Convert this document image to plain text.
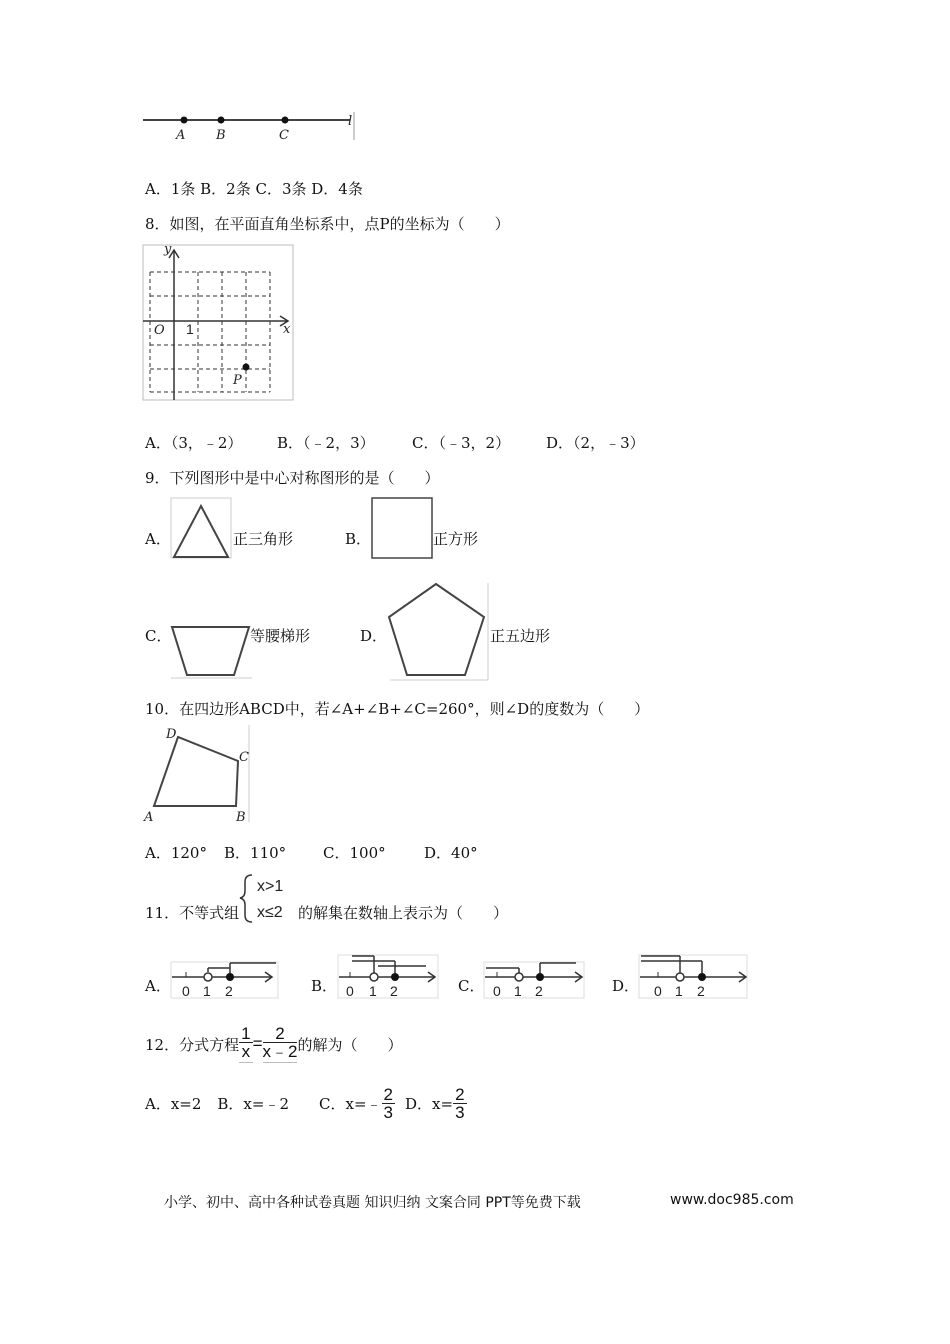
A B	C
l
A．1条 B．2条 C．3条 D．4条
8．如图，在平面直角坐标系中，点P的坐标为（　　）
y
x
O 1
P
A．（3，﹣2） B．（﹣2，3） C．（﹣3，2） D．（2，﹣3）
9．下列图形中是中心对称图形的是（　　）
A．	正三角形	B．	正方形
C．	等腰梯形	D．	正五边形
10．在四边形ABCD中，若∠A+∠B+∠C=260°，则∠D的度数为（　　）
A	B
C
D
A．120° B．110° C．100°	D．40°
11．不等式组
x>1
x≤2 的解集在数轴上表示为（　　）
A．	B．	C．	D．
0 1 2	0 1 2	0 1 2	0 1 2
12．分式方程 $\frac{1}{x} = \frac{2}{x﹣2}$ 的解为（　　）
A．x=2 B．x=﹣2 C．x=﹣ $\frac{2}{3}$ D．$x= \frac{2}{3}$
小学、初中、高中各种试卷真题 知识归纳 文案合同 PPT等免费下载	www.doc985.com
